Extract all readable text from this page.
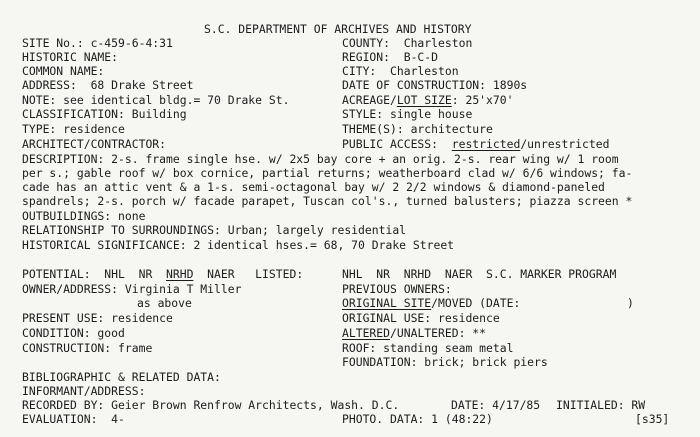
S.C. DEPARTMENT OF ARCHIVES AND HISTORY
SITE No.: c-459-6-4:31	COUNTY:  Charleston
HISTORIC NAME:	REGION:  B-C-D
COMMON NAME:	CITY:  Charleston
ADDRESS:  68 Drake Street	DATE OF CONSTRUCTION: 1890s
NOTE: see identical bldg.= 70 Drake St.	ACREAGE/LOT SIZE: 25'x70'
CLASSIFICATION: Building	STYLE: single house
TYPE: residence	THEME(S): architecture
ARCHITECT/CONTRACTOR:	PUBLIC ACCESS:  restricted/unrestricted
DESCRIPTION: 2-s. frame single hse. w/ 2x5 bay core + an orig. 2-s. rear wing w/ 1 room
per s.; gable roof w/ box cornice, partial returns; weatherboard clad w/ 6/6 windows; fa-
cade has an attic vent & a 1-s. semi-octagonal bay w/ 2 2/2 windows & diamond-paneled
spandrels; 2-s. porch w/ facade parapet, Tuscan col's., turned balusters; piazza screen *
OUTBUILDINGS: none
RELATIONSHIP TO SURROUNDINGS: Urban; largely residential
HISTORICAL SIGNIFICANCE: 2 identical hses.= 68, 70 Drake Street
POTENTIAL:  NHL  NR  NRHD  NAER   LISTED:	NHL  NR  NRHD  NAER  S.C. MARKER PROGRAM
OWNER/ADDRESS: Virginia T Miller	PREVIOUS OWNERS:
as above	ORIGINAL SITE/MOVED (DATE:	)
PRESENT USE: residence	ORIGINAL USE: residence
CONDITION: good	ALTERED/UNALTERED: **
CONSTRUCTION: frame	ROOF: standing seam metal
FOUNDATION: brick; brick piers
BIBLIOGRAPHIC & RELATED DATA:
INFORMANT/ADDRESS:
RECORDED BY: Geier Brown Renfrow Architects, Wash. D.C.	DATE: 4/17/85 INITIALED: RW
EVALUATION:  4-	PHOTO. DATA: 1 (48:22)	[s35]
